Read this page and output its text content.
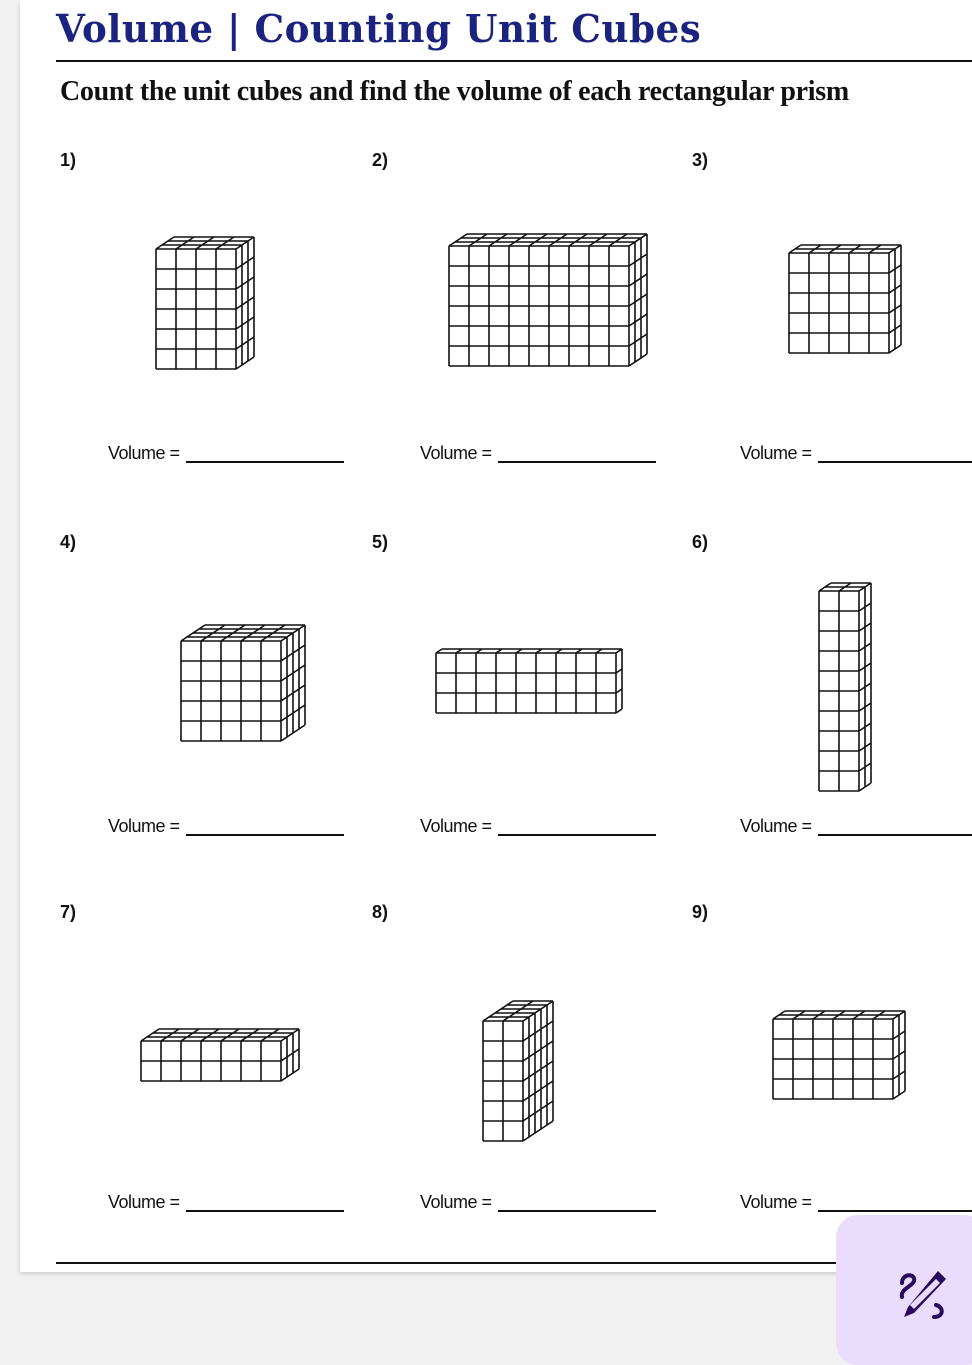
Volume | Counting Unit Cubes
Count the unit cubes and find the volume of each rectangular prism
1)
Volume =
2)
Volume =
3)
Volume =
4)
Volume =
5)
Volume =
6)
Volume =
7)
Volume =
8)
Volume =
9)
Volume =
